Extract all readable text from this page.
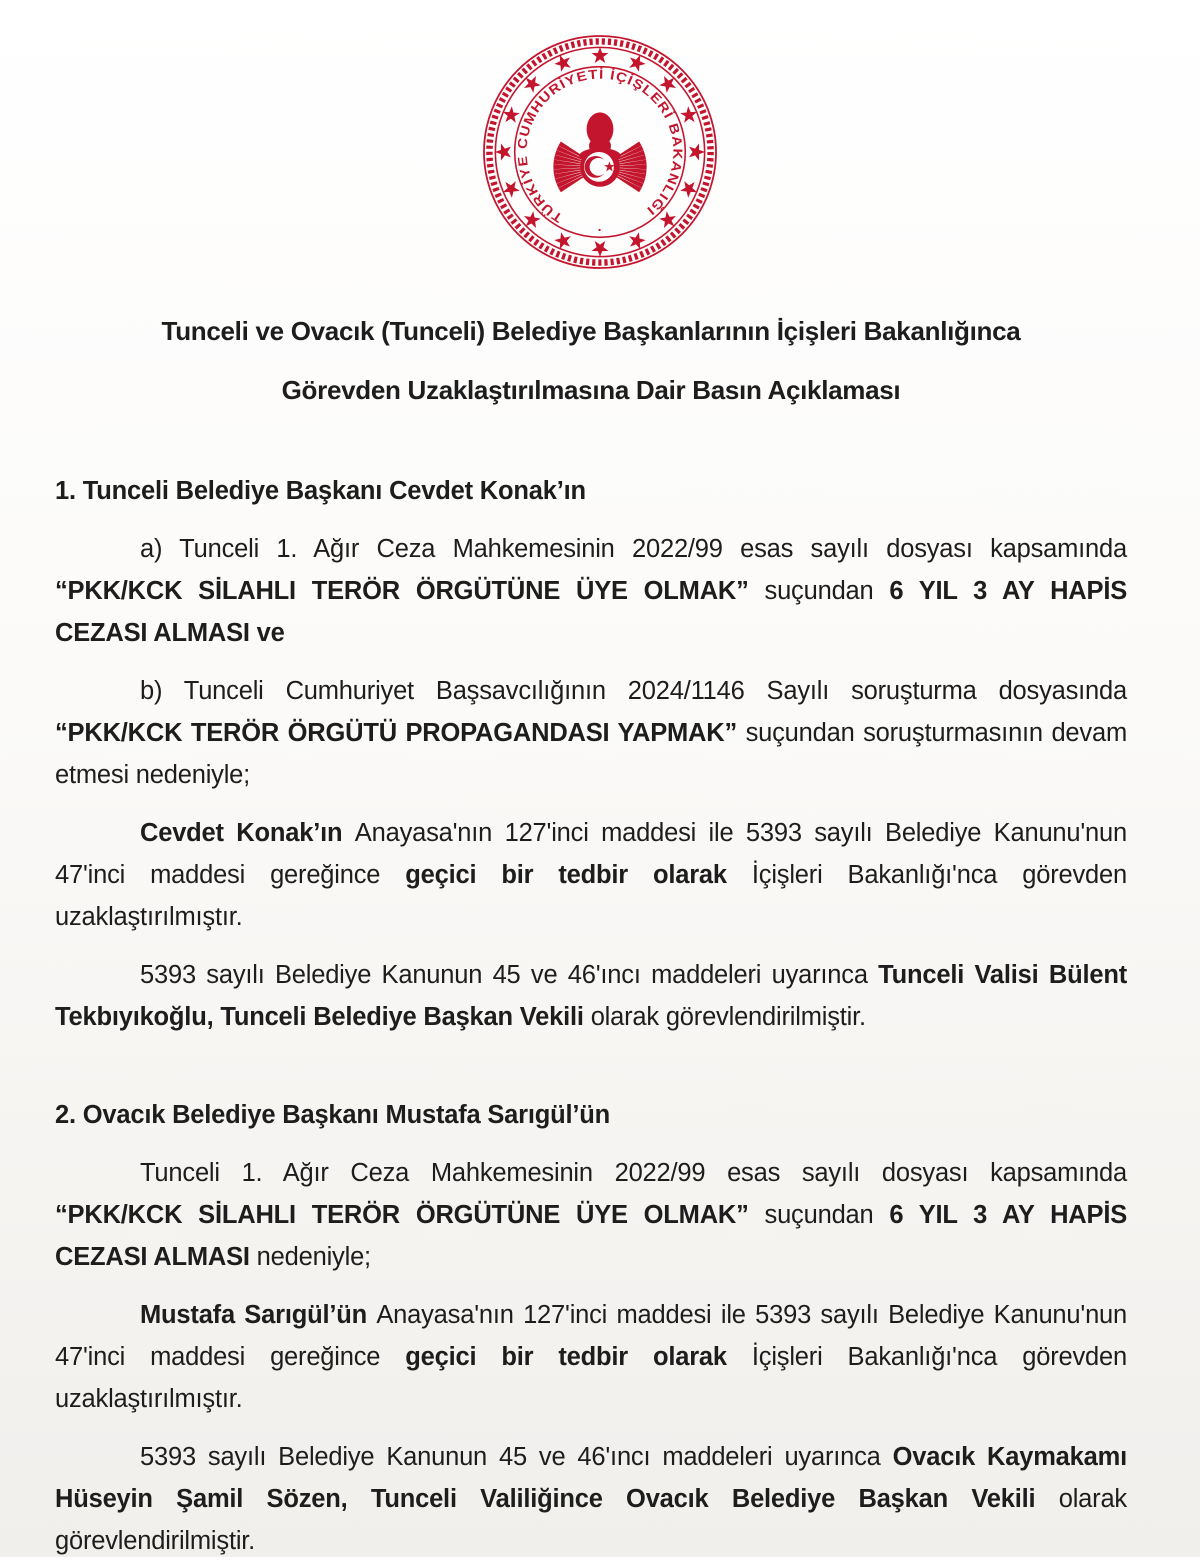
TÜRKİYE CUMHURİYETİ İÇİŞLERİ BAKANLIĞI
·
Tunceli ve Ovacık (Tunceli) Belediye Başkanlarının İçişleri Bakanlığınca
Görevden Uzaklaştırılmasına Dair Basın Açıklaması
1. Tunceli Belediye Başkanı Cevdet Konak’ın

a) Tunceli 1. Ağır Ceza Mahkemesinin 2022/99 esas sayılı dosyası kapsamında “PKK/KCK SİLAHLI TERÖR ÖRGÜTÜNE ÜYE OLMAK” suçundan 6 YIL 3 AY HAPİS CEZASI ALMASI ve

b) Tunceli Cumhuriyet Başsavcılığının 2024/1146 Sayılı soruşturma dosyasında “PKK/KCK TERÖR ÖRGÜTÜ PROPAGANDASI YAPMAK” suçundan soruşturmasının devam etmesi nedeniyle;

Cevdet Konak’ın Anayasa'nın 127'inci maddesi ile 5393 sayılı Belediye Kanunu'nun 47'inci maddesi gereğince geçici bir tedbir olarak İçişleri Bakanlığı'nca görevden uzaklaştırılmıştır.

5393 sayılı Belediye Kanunun 45 ve 46'ıncı maddeleri uyarınca Tunceli Valisi Bülent Tekbıyıkoğlu, Tunceli Belediye Başkan Vekili olarak görevlendirilmiştir.

2. Ovacık Belediye Başkanı Mustafa Sarıgül’ün

Tunceli 1. Ağır Ceza Mahkemesinin 2022/99 esas sayılı dosyası kapsamında “PKK/KCK SİLAHLI TERÖR ÖRGÜTÜNE ÜYE OLMAK” suçundan 6 YIL 3 AY HAPİS CEZASI ALMASI nedeniyle;

Mustafa Sarıgül’ün Anayasa'nın 127'inci maddesi ile 5393 sayılı Belediye Kanunu'nun 47'inci maddesi gereğince geçici bir tedbir olarak İçişleri Bakanlığı'nca görevden uzaklaştırılmıştır.

5393 sayılı Belediye Kanunun 45 ve 46'ıncı maddeleri uyarınca Ovacık Kaymakamı Hüseyin Şamil Sözen, Tunceli Valiliğince Ovacık Belediye Başkan Vekili olarak görevlendirilmiştir.
